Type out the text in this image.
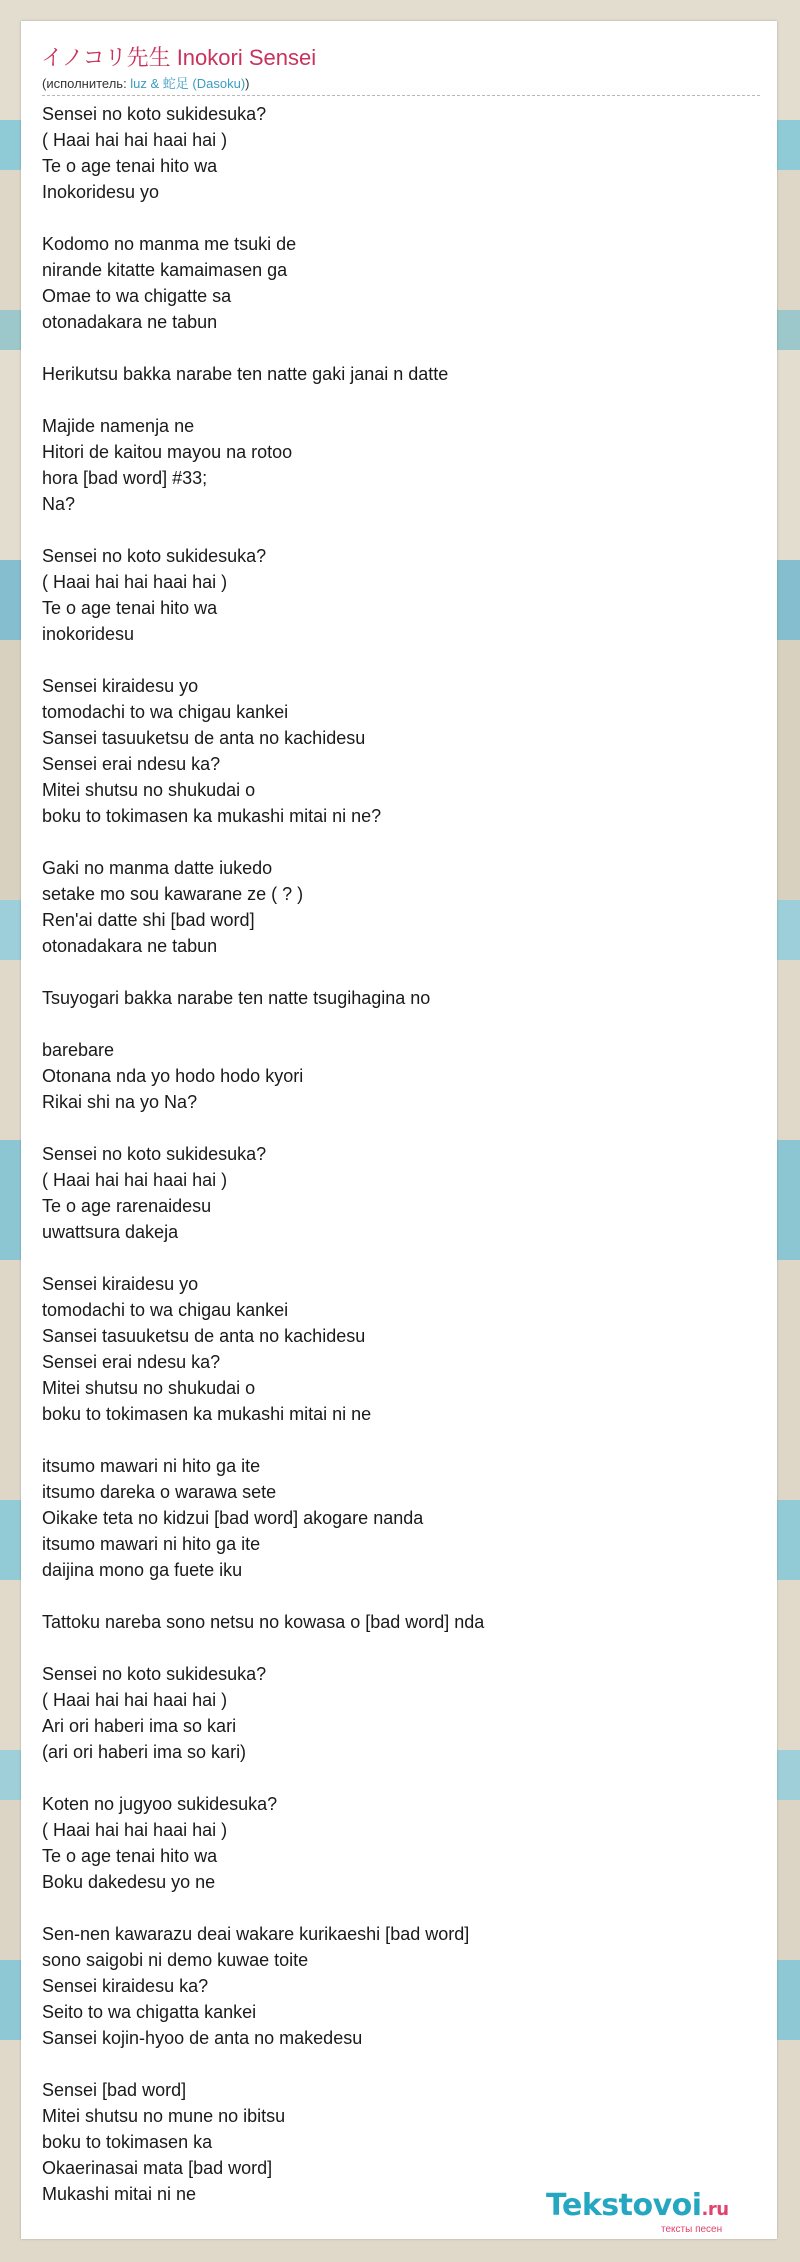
イノコリ先生 Inokori Sensei
(исполнитель: luz & 蛇足 (Dasoku))
Sensei no koto sukidesuka?
( Haai hai hai haai hai )
Te o age tenai hito wa
Inokoridesu yo
Kodomo no manma me tsuki de
nirande kitatte kamaimasen ga
Omae to wa chigatte sa
otonadakara ne tabun
Herikutsu bakka narabe ten natte gaki janai n datte
Majide namenja ne
Hitori de kaitou mayou na rotoo
hora [bad word] #33;
Na?
Sensei no koto sukidesuka?
( Haai hai hai haai hai )
Te o age tenai hito wa
inokoridesu
Sensei kiraidesu yo
tomodachi to wa chigau kankei
Sansei tasuuketsu de anta no kachidesu
Sensei erai ndesu ka?
Mitei shutsu no shukudai o
boku to tokimasen ka mukashi mitai ni ne?
Gaki no manma datte iukedo
setake mo sou kawarane ze ( ? )
Ren'ai datte shi [bad word]
otonadakara ne tabun
Tsuyogari bakka narabe ten natte tsugihagina no
barebare
Otonana nda yo hodo hodo kyori
Rikai shi na yo Na?
Sensei no koto sukidesuka?
( Haai hai hai haai hai )
Te o age rarenaidesu
uwattsura dakeja
Sensei kiraidesu yo
tomodachi to wa chigau kankei
Sansei tasuuketsu de anta no kachidesu
Sensei erai ndesu ka?
Mitei shutsu no shukudai o
boku to tokimasen ka mukashi mitai ni ne
itsumo mawari ni hito ga ite
itsumo dareka o warawa sete
Oikake teta no kidzui [bad word] akogare nanda
itsumo mawari ni hito ga ite
daijina mono ga fuete iku
Tattoku nareba sono netsu no kowasa o [bad word] nda
Sensei no koto sukidesuka?
( Haai hai hai haai hai )
Ari ori haberi ima so kari
(ari ori haberi ima so kari)
Koten no jugyoo sukidesuka?
( Haai hai hai haai hai )
Te o age tenai hito wa
Boku dakedesu yo ne
Sen-nen kawarazu deai wakare kurikaeshi [bad word]
sono saigobi ni demo kuwae toite
Sensei kiraidesu ka?
Seito to wa chigatta kankei
Sansei kojin-hyoo de anta no makedesu
Sensei [bad word]
Mitei shutsu no mune no ibitsu
boku to tokimasen ka
Okaerinasai mata [bad word]
Mukashi mitai ni ne	Tekstovoi.ru
тексты песен
